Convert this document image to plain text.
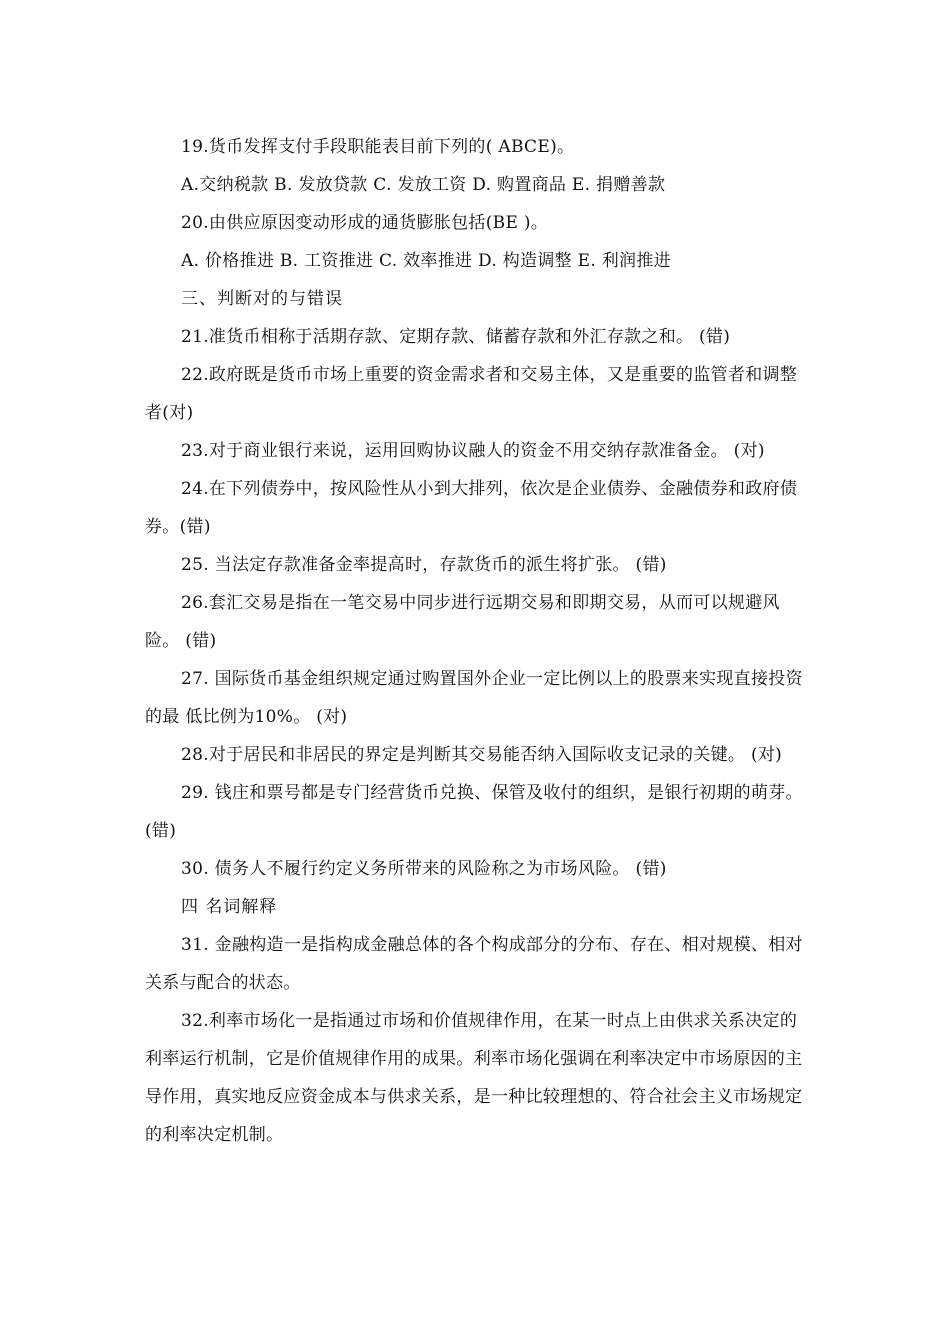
19.货币发挥支付手段职能表目前下列的( ABCE)。

A.交纳税款 B. 发放贷款 C. 发放工资 D. 购置商品 E. 捐赠善款

20.由供应原因变动形成的通货膨胀包括(BE )。

A. 价格推进 B. 工资推进 C. 效率推进 D. 构造调整 E. 利润推进

三、判断对的与错误

21.准货币相称于活期存款、定期存款、储蓄存款和外汇存款之和。 (错)

22.政府既是货币市场上重要的资金需求者和交易主体，又是重要的监管者和调整者(对)

23.对于商业银行来说，运用回购协议融人的资金不用交纳存款准备金。 (对)

24.在下列债券中，按风险性从小到大排列，依次是企业债券、金融债券和政府债券。(错)

25. 当法定存款准备金率提高时，存款货币的派生将扩张。 (错)

26.套汇交易是指在一笔交易中同步进行远期交易和即期交易，从而可以规避风险。 (错)

27. 国际货币基金组织规定通过购置国外企业一定比例以上的股票来实现直接投资的最 低比例为10%。 (对)

28.对于居民和非居民的界定是判断其交易能否纳入国际收支记录的关键。 (对)

29. 钱庄和票号都是专门经营货币兑换、保管及收付的组织，是银行初期的萌芽。(错)

30. 债务人不履行约定义务所带来的风险称之为市场风险。 (错)

四 名词解释

31. 金融构造一是指构成金融总体的各个构成部分的分布、存在、相对规模、相对关系与配合的状态。

32.利率市场化一是指通过市场和价值规律作用，在某一时点上由供求关系决定的利率运行机制，它是价值规律作用的成果。利率市场化强调在利率决定中市场原因的主导作用，真实地反应资金成本与供求关系，是一种比较理想的、符合社会主义市场规定的利率决定机制。
